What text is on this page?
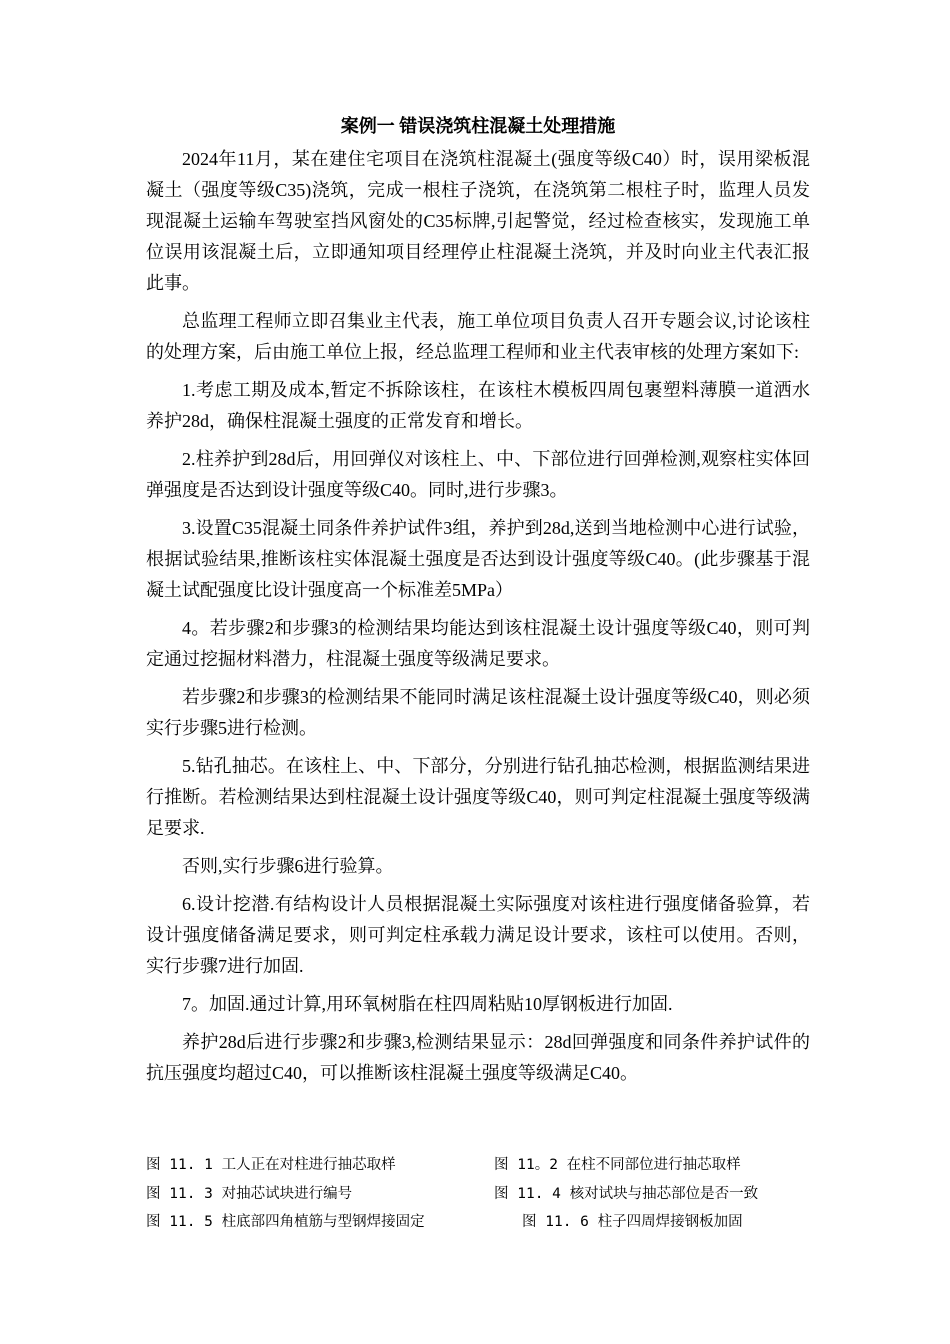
案例一 错误浇筑柱混凝土处理措施

2024年11月，某在建住宅项目在浇筑柱混凝土(强度等级C40）时，误用梁板混凝土（强度等级C35)浇筑，完成一根柱子浇筑，在浇筑第二根柱子时，监理人员发现混凝土运输车驾驶室挡风窗处的C35标牌,引起警觉，经过检查核实，发现施工单位误用该混凝土后，立即通知项目经理停止柱混凝土浇筑，并及时向业主代表汇报此事。

总监理工程师立即召集业主代表，施工单位项目负责人召开专题会议,讨论该柱的处理方案，后由施工单位上报，经总监理工程师和业主代表审核的处理方案如下:

1.考虑工期及成本,暂定不拆除该柱，在该柱木模板四周包裹塑料薄膜一道洒水养护28d，确保柱混凝土强度的正常发育和增长。

2.柱养护到28d后，用回弹仪对该柱上、中、下部位进行回弹检测,观察柱实体回弹强度是否达到设计强度等级C40。同时,进行步骤3。

3.设置C35混凝土同条件养护试件3组，养护到28d,送到当地检测中心进行试验，根据试验结果,推断该柱实体混凝土强度是否达到设计强度等级C40。(此步骤基于混凝土试配强度比设计强度高一个标准差5MPa）

4。若步骤2和步骤3的检测结果均能达到该柱混凝土设计强度等级C40，则可判定通过挖掘材料潜力，柱混凝土强度等级满足要求。

若步骤2和步骤3的检测结果不能同时满足该柱混凝土设计强度等级C40，则必须实行步骤5进行检测。

5.钻孔抽芯。在该柱上、中、下部分，分别进行钻孔抽芯检测，根据监测结果进行推断。若检测结果达到柱混凝土设计强度等级C40，则可判定柱混凝土强度等级满足要求.

否则,实行步骤6进行验算。

6.设计挖潜.有结构设计人员根据混凝土实际强度对该柱进行强度储备验算，若设计强度储备满足要求，则可判定柱承载力满足设计要求，该柱可以使用。否则，实行步骤7进行加固.

7。加固.通过计算,用环氧树脂在柱四周粘贴10厚钢板进行加固.

养护28d后进行步骤2和步骤3,检测结果显示：28d回弹强度和同条件养护试件的抗压强度均超过C40，可以推断该柱混凝土强度等级满足C40。

图 11. 1 工人正在对柱进行抽芯取样	图 11。2 在柱不同部位进行抽芯取样
图 11. 3 对抽芯试块进行编号	图 11. 4 核对试块与抽芯部位是否一致
图 11. 5 柱底部四角植筋与型钢焊接固定	图 11. 6 柱子四周焊接钢板加固
